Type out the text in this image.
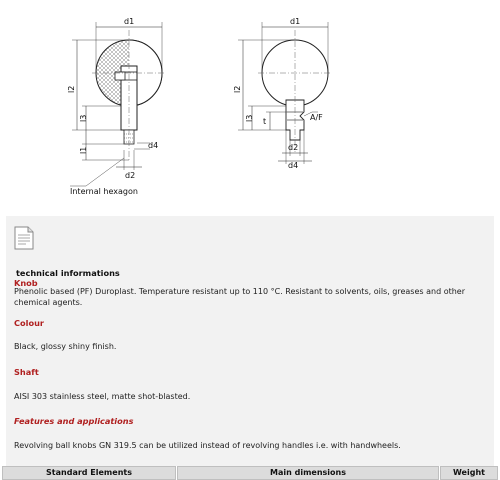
d1
l2
l3
l1
d4
d2
Internal hexagon
d1
l2
l3 t	A/F
d2
d4
technical informations
Knob
Phenolic based (PF) Duroplast. Temperature resistant up to 110 °C. Resistant to solvents, oils, greases and other chemical agents.
Colour
Black, glossy shiny finish.
Shaft
AISI 303 stainless steel, matte shot-blasted.
Features and applications
Revolving ball knobs GN 319.5 can be utilized instead of revolving handles i.e. with handwheels.
Standard Elements	Main dimensions	Weight
